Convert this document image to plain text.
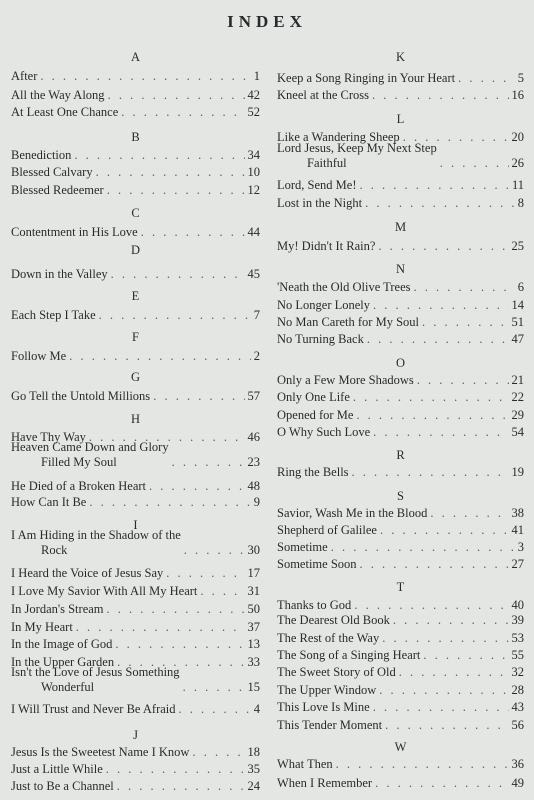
INDEX
A
After . . .	1
All the Way Along . . .	42
At Least One Chance . . .	52
B
Benediction . . .	34
Blessed Calvary . . .	10
Blessed Redeemer . . .	12
C
Contentment in His Love . . .	44
D
Down in the Valley . . .	45
E
Each Step I Take . . .	7
F
Follow Me . . .	2
G
Go Tell the Untold Millions . . .	57
H
Have Thy Way . . .	46
Heaven Came Down and Glory
Filled My Soul . . .	23
He Died of a Broken Heart . . .	48
How Can It Be . . .	9
I
I Am Hiding in the Shadow of the
Rock . . .	30
I Heard the Voice of Jesus Say . . .	17
I Love My Savior With All My Heart . . .	31
In Jordan's Stream . . .	50
In My Heart . . .	37
In the Image of God . . .	13
In the Upper Garden . . .	33
Isn't the Love of Jesus Something
Wonderful . . .	15
I Will Trust and Never Be Afraid . . .	4
J
Jesus Is the Sweetest Name I Know . . .	18
Just a Little While . . .	35
Just to Be a Channel . . .	24
K
Keep a Song Ringing in Your Heart . . .	5
Kneel at the Cross . . .	16
L
Like a Wandering Sheep . . .	20
Lord Jesus, Keep My Next Step
Faithful . . .	26
Lord, Send Me! . . .	11
Lost in the Night . . .	8
M
My! Didn't It Rain? . . .	25
N
'Neath the Old Olive Trees . . .	6
No Longer Lonely . . .	14
No Man Careth for My Soul . . .	51
No Turning Back . . .	47
O
Only a Few More Shadows . . .	21
Only One Life . . .	22
Opened for Me . . .	29
O Why Such Love . . .	54
R
Ring the Bells . . .	19
S
Savior, Wash Me in the Blood . . .	38
Shepherd of Galilee . . .	41
Sometime . . .	3
Sometime Soon . . .	27
T
Thanks to God . . .	40
The Dearest Old Book . . .	39
The Rest of the Way . . .	53
The Song of a Singing Heart . . .	55
The Sweet Story of Old . . .	32
The Upper Window . . .	28
This Love Is Mine . . .	43
This Tender Moment . . .	56
W
What Then . . .	36
When I Remember . . .	49
